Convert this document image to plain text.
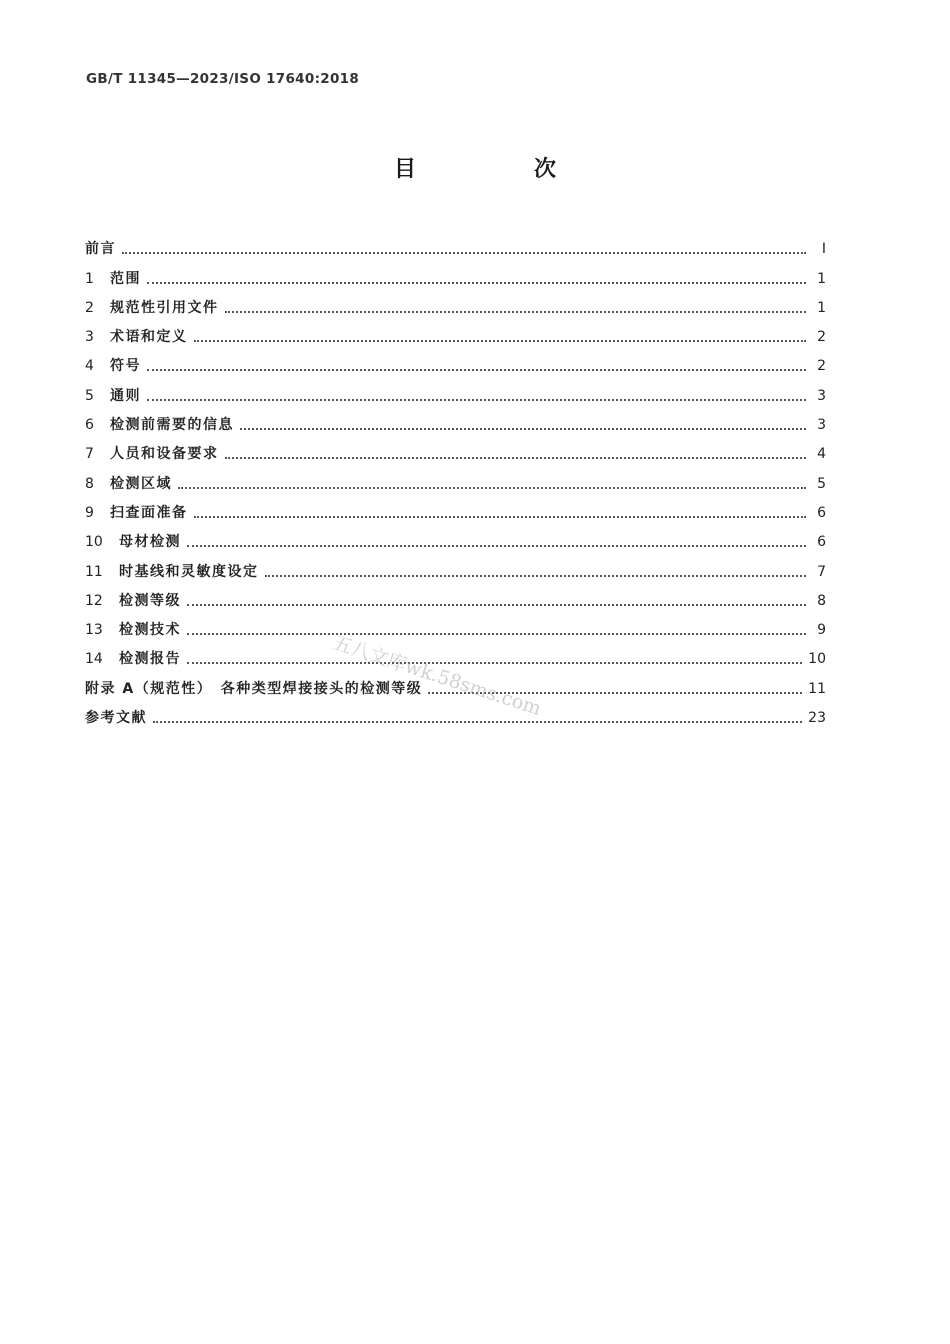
GB/T 11345—2023/ISO 17640:2018
目　次
前言	I
1	范围	1
2	规范性引用文件	1
3	术语和定义	2
4	符号	2
5	通则	3
6	检测前需要的信息	3
7	人员和设备要求	4
8	检测区域	5
9	扫查面准备	6
10	母材检测	6
11	时基线和灵敏度设定	7
12	检测等级	8
13	检测技术	9
14	检测报告	10
附录 A（规范性）　各种类型焊接接头的检测等级	11
参考文献	23
五八文库wk.58sms.com
